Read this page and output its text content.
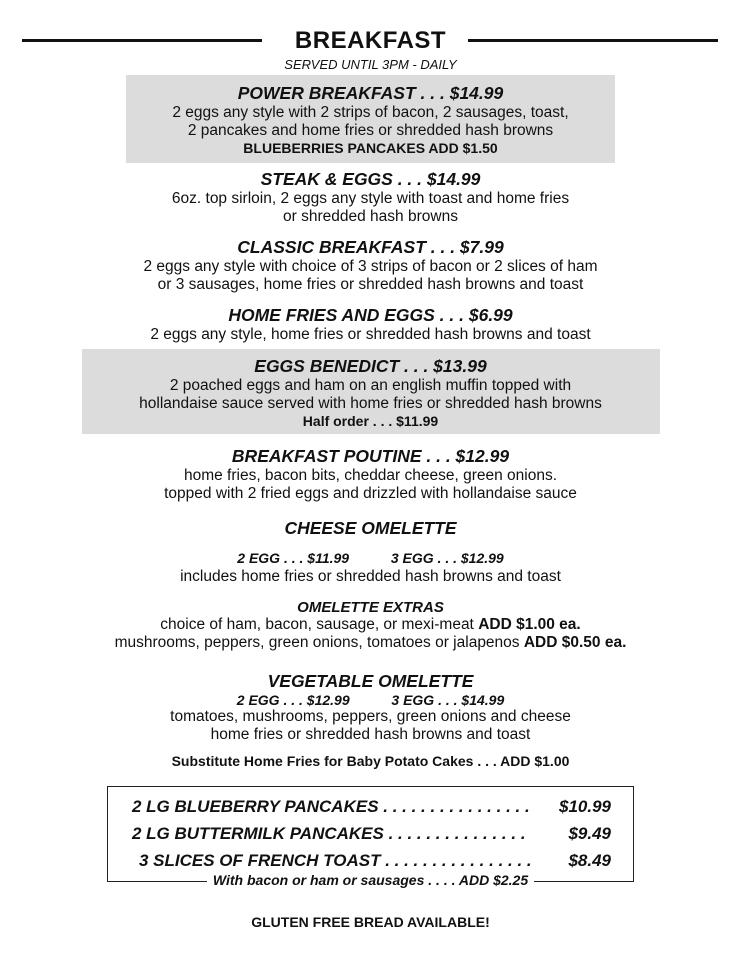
BREAKFAST
SERVED UNTIL 3PM - DAILY
POWER BREAKFAST . . . $14.99
2 eggs any style with 2 strips of bacon, 2 sausages, toast,
2 pancakes and home fries or shredded hash browns
BLUEBERRIES PANCAKES ADD $1.50
STEAK & EGGS . . . $14.99
6oz. top sirloin, 2 eggs any style with toast and home fries
or shredded hash browns
CLASSIC BREAKFAST . . . $7.99
2 eggs any style with choice of 3 strips of bacon or 2 slices of ham
or 3 sausages, home fries or shredded hash browns and toast
HOME FRIES AND EGGS . . . $6.99
2 eggs any style, home fries or shredded hash browns and toast
EGGS BENEDICT . . . $13.99
2 poached eggs and ham on an english muffin topped with
hollandaise sauce served with home fries or shredded hash browns
Half order . . . $11.99
BREAKFAST POUTINE . . . $12.99
home fries, bacon bits, cheddar cheese, green onions.
topped with 2 fried eggs and drizzled with hollandaise sauce
CHEESE OMELETTE
2 EGG . . . $11.99	3 EGG . . . $12.99
includes home fries or shredded hash browns and toast
OMELETTE EXTRAS
choice of ham, bacon, sausage, or mexi-meat ADD $1.00 ea.
mushrooms, peppers, green onions, tomatoes or jalapenos ADD $0.50 ea.
VEGETABLE OMELETTE
2 EGG . . . $12.99	3 EGG . . . $14.99
tomatoes, mushrooms, peppers, green onions and cheese
home fries or shredded hash browns and toast
Substitute Home Fries for Baby Potato Cakes . . . ADD $1.00
2 LG BLUEBERRY PANCAKES . . . . . . . . . . . . . . . . $10.99
2 LG BUTTERMILK PANCAKES . . . . . . . . . . . . . . .	$9.49
3 SLICES OF FRENCH TOAST . . . . . . . . . . . . . . . . $8.49
With bacon or ham or sausages . . . . ADD $2.25
GLUTEN FREE BREAD AVAILABLE!
